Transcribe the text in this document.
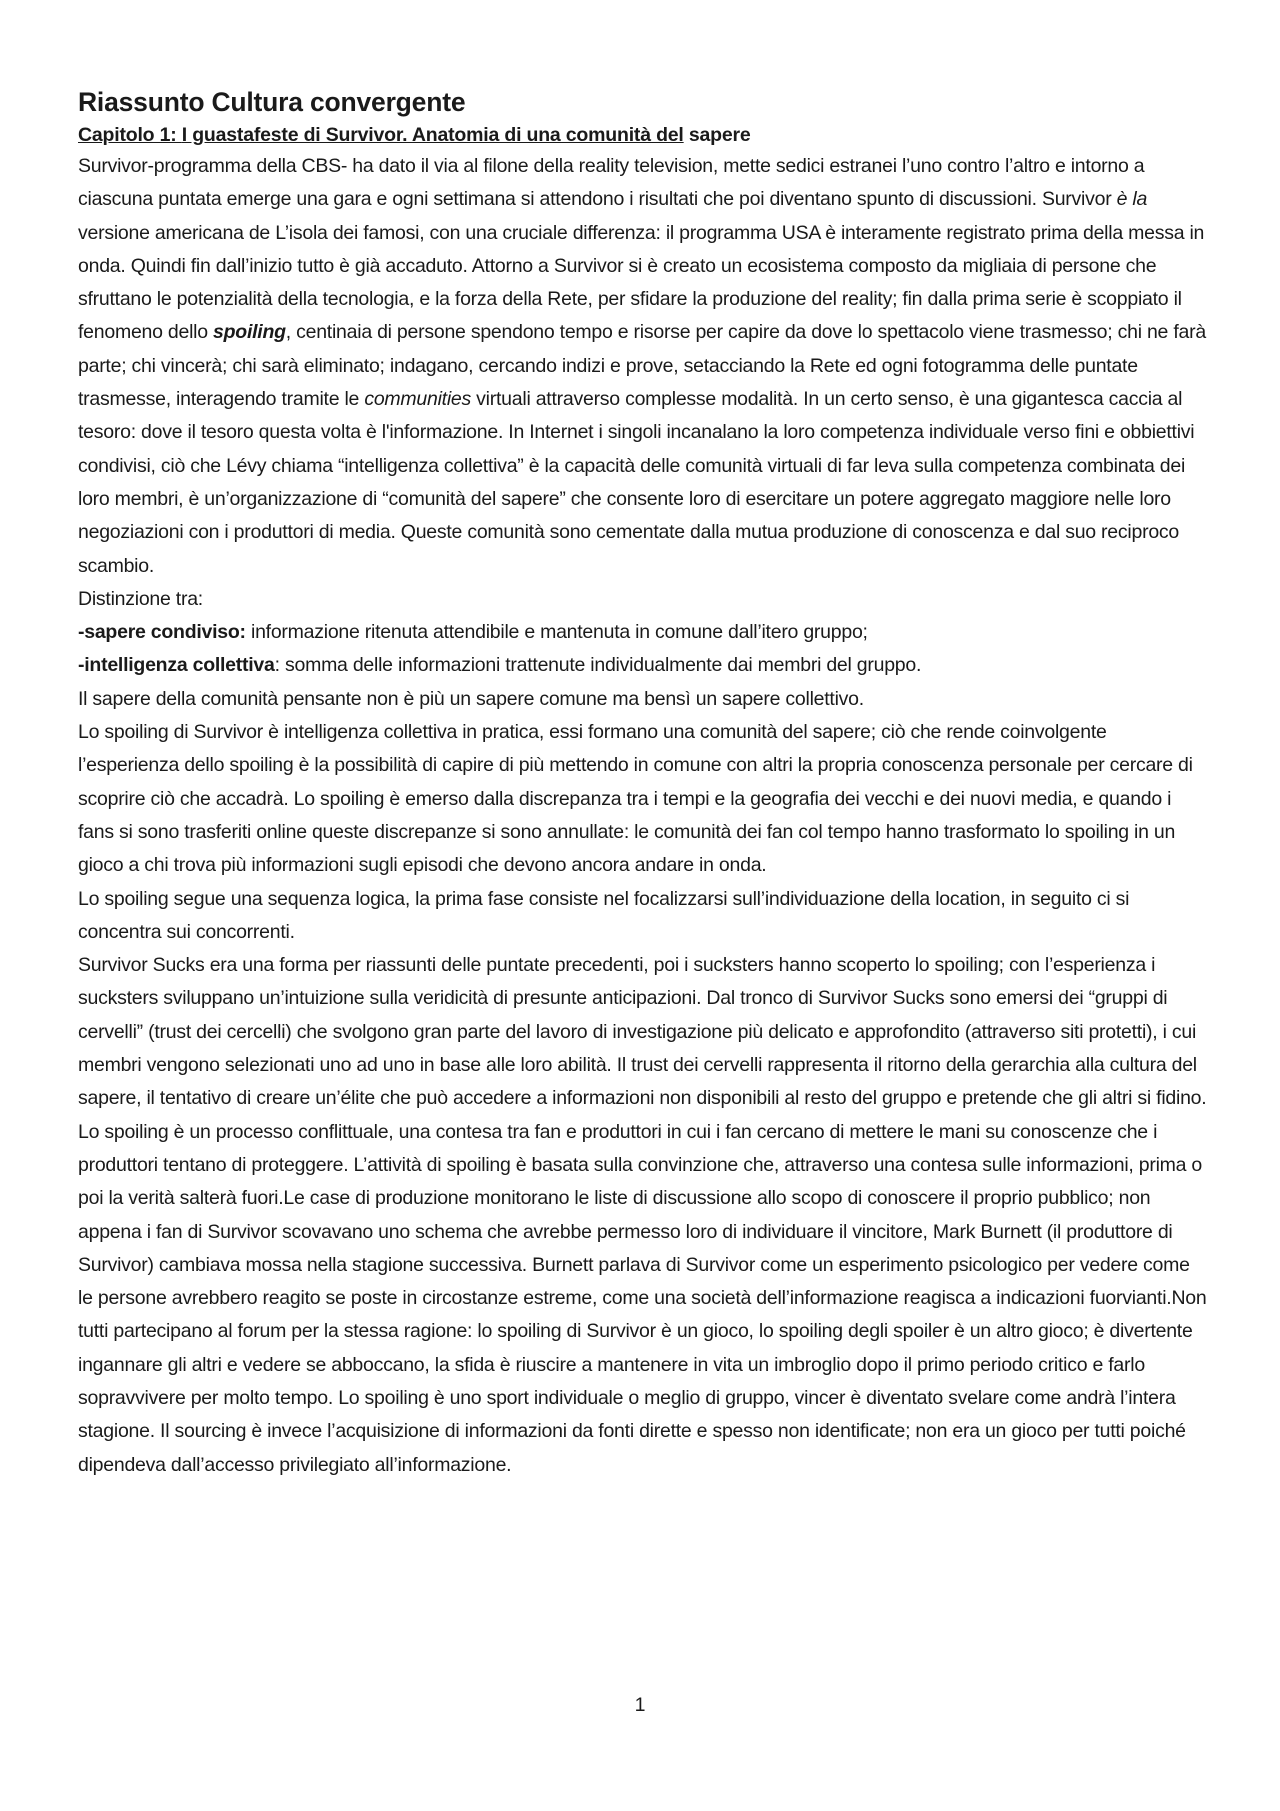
Riassunto Cultura convergente
Capitolo 1: I guastafeste di Survivor. Anatomia di una comunità del sapere

Survivor-programma della CBS- ha dato il via al filone della reality television, mette sedici estranei l’uno contro l’altro e intorno a ciascuna puntata emerge una gara e ogni settimana si attendono i risultati che poi diventano spunto di discussioni. Survivor è la versione americana de L’isola dei famosi, con una cruciale differenza: il programma USA è interamente registrato prima della messa in onda. Quindi fin dall’inizio tutto è già accaduto. Attorno a Survivor si è creato un ecosistema composto da migliaia di persone che sfruttano le potenzialità della tecnologia, e la forza della Rete, per sfidare la produzione del reality; fin dalla prima serie è scoppiato il fenomeno dello spoiling, centinaia di persone spendono tempo e risorse per capire da dove lo spettacolo viene trasmesso; chi ne farà parte; chi vincerà; chi sarà eliminato; indagano, cercando indizi e prove, setacciando la Rete ed ogni fotogramma delle puntate trasmesse, interagendo tramite le communities virtuali attraverso complesse modalità. In un certo senso, è una gigantesca caccia al tesoro: dove il tesoro questa volta è l'informazione. In Internet i singoli incanalano la loro competenza individuale verso fini e obbiettivi condivisi, ciò che Lévy chiama “intelligenza collettiva” è la capacità delle comunità virtuali di far leva sulla competenza combinata dei loro membri, è un’organizzazione di “comunità del sapere” che consente loro di esercitare un potere aggregato maggiore nelle loro negoziazioni con i produttori di media. Queste comunità sono cementate dalla mutua produzione di conoscenza e dal suo reciproco scambio.

Distinzione tra:

-sapere condiviso: informazione ritenuta attendibile e mantenuta in comune dall’itero gruppo;

-intelligenza collettiva: somma delle informazioni trattenute individualmente dai membri del gruppo.

Il sapere della comunità pensante non è più un sapere comune ma bensì un sapere collettivo.

Lo spoiling di Survivor è intelligenza collettiva in pratica, essi formano una comunità del sapere; ciò che rende coinvolgente l’esperienza dello spoiling è la possibilità di capire di più mettendo in comune con altri la propria conoscenza personale per cercare di scoprire ciò che accadrà. Lo spoiling è emerso dalla discrepanza tra i tempi e la geografia dei vecchi e dei nuovi media, e quando i fans si sono trasferiti online queste discrepanze si sono annullate: le comunità dei fan col tempo hanno trasformato lo spoiling in un gioco a chi trova più informazioni sugli episodi che devono ancora andare in onda.

Lo spoiling segue una sequenza logica, la prima fase consiste nel focalizzarsi sull’individuazione della location, in seguito ci si concentra sui concorrenti.

Survivor Sucks era una forma per riassunti delle puntate precedenti, poi i sucksters hanno scoperto lo spoiling; con l’esperienza i sucksters sviluppano un’intuizione sulla veridicità di presunte anticipazioni. Dal tronco di Survivor Sucks sono emersi dei “gruppi di cervelli” (trust dei cercelli) che svolgono gran parte del lavoro di investigazione più delicato e approfondito (attraverso siti protetti), i cui membri vengono selezionati uno ad uno in base alle loro abilità. Il trust dei cervelli rappresenta il ritorno della gerarchia alla cultura del sapere, il tentativo di creare un’élite che può accedere a informazioni non disponibili al resto del gruppo e pretende che gli altri si fidino.

Lo spoiling è un processo conflittuale, una contesa tra fan e produttori in cui i fan cercano di mettere le mani su conoscenze che i produttori tentano di proteggere. L’attività di spoiling è basata sulla convinzione che, attraverso una contesa sulle informazioni, prima o poi la verità salterà fuori.Le case di produzione monitorano le liste di discussione allo scopo di conoscere il proprio pubblico; non appena i fan di Survivor scovavano uno schema che avrebbe permesso loro di individuare il vincitore, Mark Burnett (il produttore di Survivor) cambiava mossa nella stagione successiva. Burnett parlava di Survivor come un esperimento psicologico per vedere come le persone avrebbero reagito se poste in circostanze estreme, come una società dell’informazione reagisca a indicazioni fuorvianti.Non tutti partecipano al forum per la stessa ragione: lo spoiling di Survivor è un gioco, lo spoiling degli spoiler è un altro gioco; è divertente ingannare gli altri e vedere se abboccano, la sfida è riuscire a mantenere in vita un imbroglio dopo il primo periodo critico e farlo sopravvivere per molto tempo. Lo spoiling è uno sport individuale o meglio di gruppo, vincer è diventato svelare come andrà l’intera stagione. Il sourcing è invece l’acquisizione di informazioni da fonti dirette e spesso non identificate; non era un gioco per tutti poiché dipendeva dall’accesso privilegiato all’informazione.

1
